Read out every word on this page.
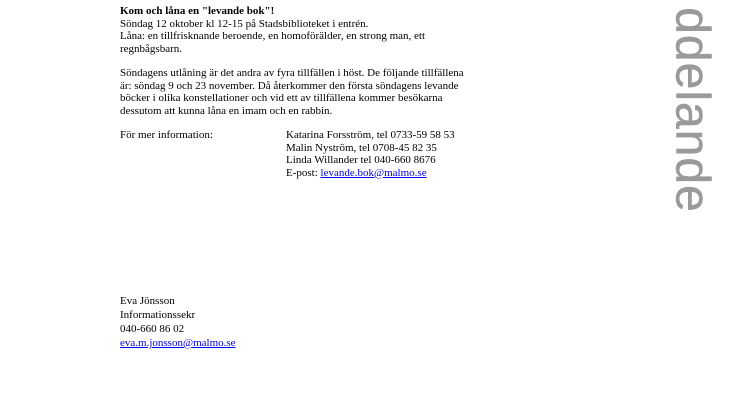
Kom och låna en "levande bok"!

Söndag 12 oktober kl 12-15 på Stadsbiblioteket i entrén.

Låna: en tillfrisknande beroende, en homoförälder, en strong man, ett

regnbågsbarn.

Söndagens utlåning är det andra av fyra tillfällen i höst. De följande tillfällena

är: söndag 9 och 23 november. Då återkommer den första söndagens levande

böcker i olika konstellationer och vid ett av tillfällena kommer besökarna

dessutom att kunna låna en imam och en rabbin.

För mer information:	Katarina Forsström, tel 0733-59 58 53
Malin Nyström, tel 0708-45 82 35
Linda Willander tel 040-660 8676
E-post: levande.bok@malmo.se
Eva Jönsson
Informationssekr
040-660 86 02
eva.m.jonsson@malmo.se
ddelande
